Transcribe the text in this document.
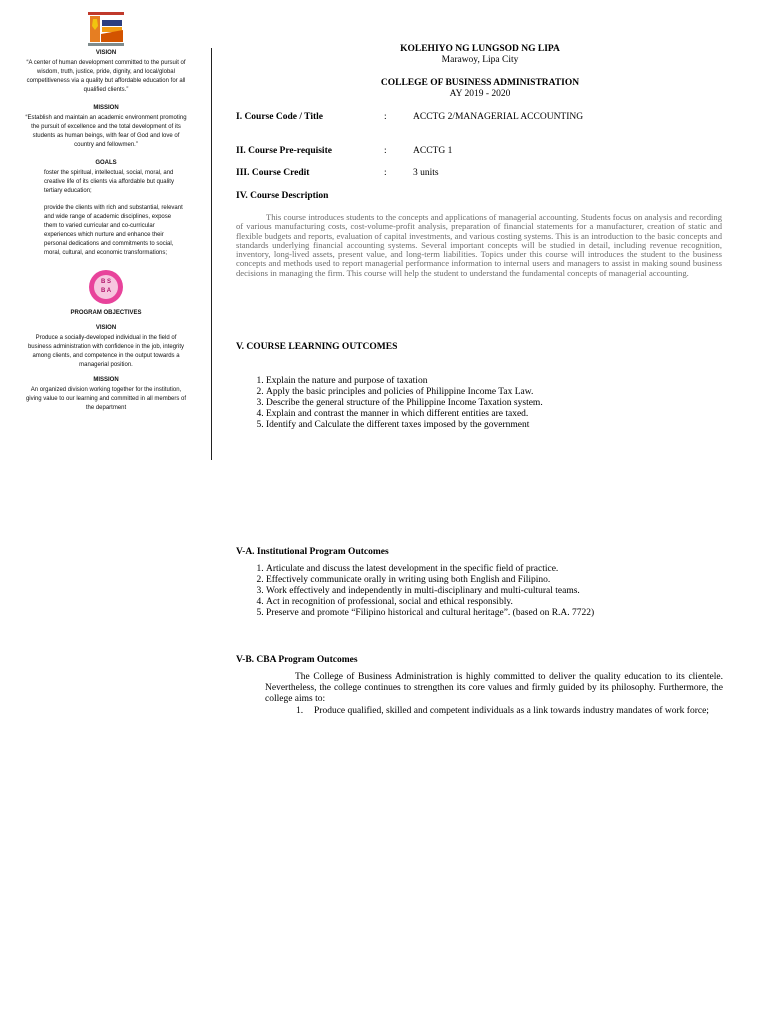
VISION

“A center of human development committed to the pursuit of wisdom, truth, justice, pride, dignity, and local/global competitiveness via a quality but affordable education for all qualified clients.”

MISSION

“Establish and maintain an academic environment promoting the pursuit of excellence and the total development of its students as human beings, with fear of God and love of country and fellowmen.”

GOALS

foster the spiritual, intellectual, social, moral, and creative life of its clients via affordable but quality tertiary education;

provide the clients with rich and substantial, relevant and wide range of academic disciplines, expose them to varied curricular and co-curricular experiences which nurture and enhance their personal dedications and commitments to social, moral, cultural, and economic transformations;

B S
B A
PROGRAM OBJECTIVES
VISION

Produce a socially-developed individual in the field of business administration with confidence in the job, integrity among clients, and competence in the output towards a managerial position.

MISSION

An organized division working together for the institution, giving value to our learning and committed in all members of the department

KOLEHIYO NG LUNGSOD NG LIPA
Marawoy, Lipa City
COLLEGE OF BUSINESS ADMINISTRATION
AY 2019 - 2020
I. Course Code / Title	:	ACCTG 2/MANAGERIAL ACCOUNTING
II. Course Pre-requisite	:	ACCTG 1
III. Course Credit	:	3 units
IV. Course Description

This course introduces students to the concepts and applications of managerial accounting. Students focus on analysis and recording of various manufacturing costs, cost-volume-profit analysis, preparation of financial statements for a manufacturer, creation of static and flexible budgets and reports, evaluation of capital investments, and various costing systems. This is an introduction to the basic concepts and standards underlying financial accounting systems. Several important concepts will be studied in detail, including revenue recognition, inventory, long-lived assets, present value, and long-term liabilities. Topics under this course will introduces the student to the business concepts and methods used to report managerial performance information to internal users and managers to assist in making sound business decisions in managing the firm. This course will help the student to understand the fundamental concepts of managerial accounting.

V. COURSE LEARNING OUTCOMES
1. Explain the nature and purpose of taxation
2. Apply the basic principles and policies of Philippine Income Tax Law.
3. Describe the general structure of the Philippine Income Taxation system.
4. Explain and contrast the manner in which different entities are taxed.
5. Identify and Calculate the different taxes imposed by the government
V-A. Institutional Program Outcomes
1. Articulate and discuss the latest development in the specific field of practice.
2. Effectively communicate orally in writing using both English and Filipino.
3. Work effectively and independently in multi-disciplinary and multi-cultural teams.
4. Act in recognition of professional, social and ethical responsibly.
5. Preserve and promote “Filipino historical and cultural heritage”. (based on R.A. 7722)
V-B. CBA Program Outcomes

The College of Business Administration is highly committed to deliver the quality education to its clientele. Nevertheless, the college continues to strengthen its core values and firmly guided by its philosophy. Furthermore, the college aims to:

1. Produce qualified, skilled and competent individuals as a link towards industry mandates of work force;
